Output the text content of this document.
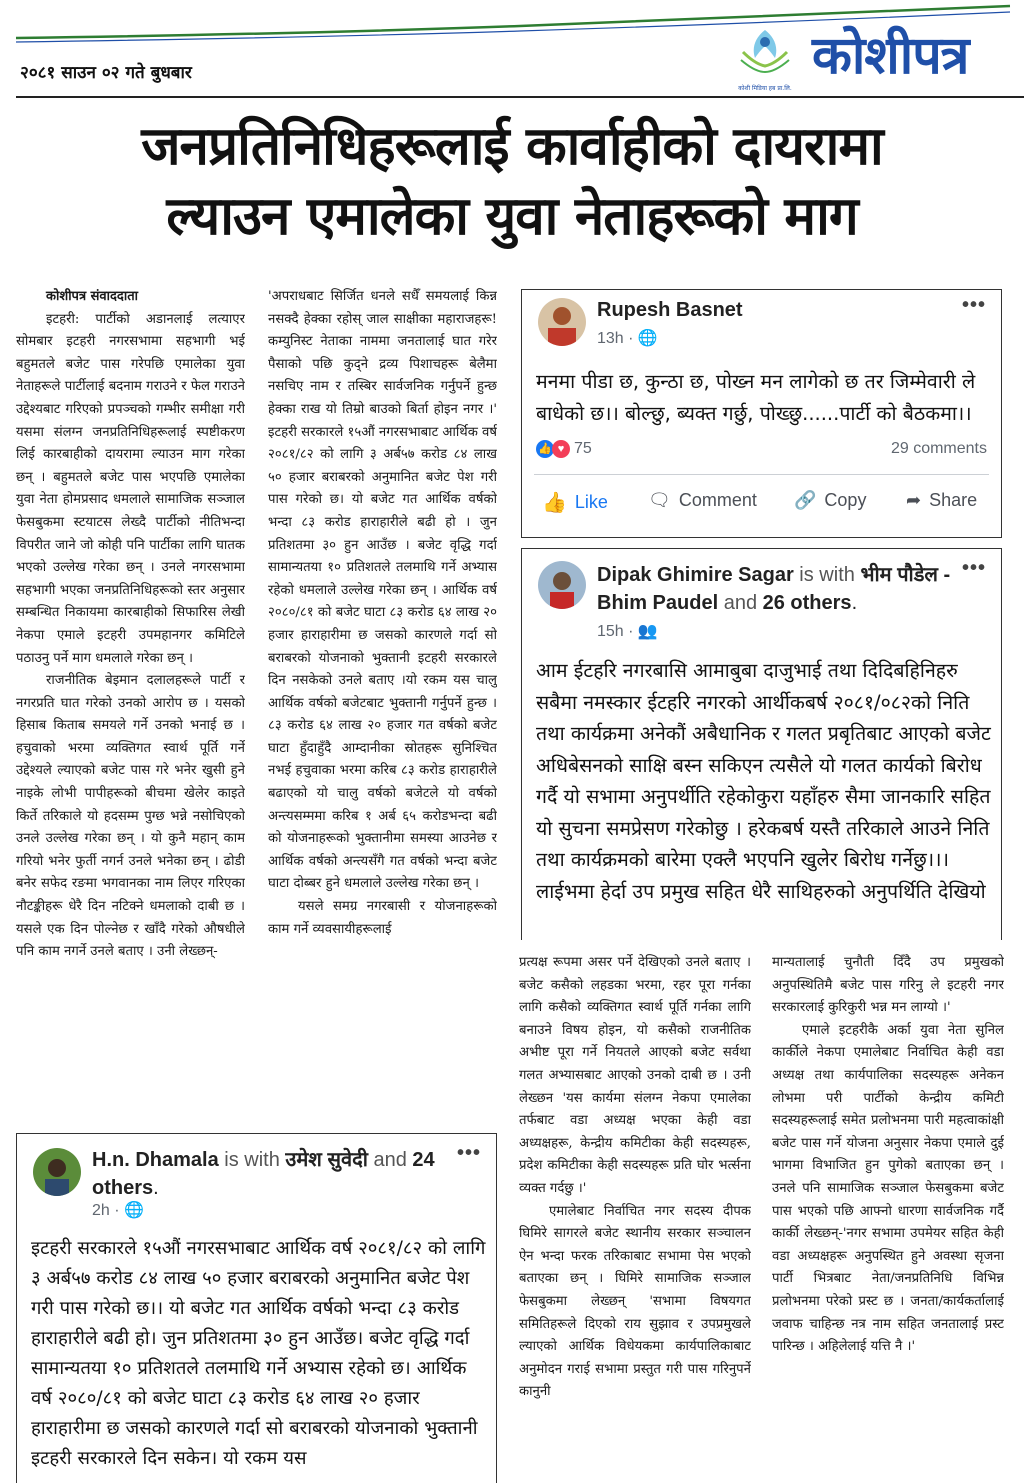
२०८१ साउन ०२ गते बुधबार
कोशी मिडिया हब प्रा.लि.
कोशीपत्र
जनप्रतिनिधिहरूलाई कार्वाहीको दायरामा
ल्याउन एमालेका युवा नेताहरूको माग

कोशीपत्र संवाददाता

इटहरी: पार्टीको अडानलाई लत्याएर सोमबार इटहरी नगरसभामा सहभागी भई बहुमतले बजेट पास गरेपछि एमालेका युवा नेताहरूले पार्टीलाई बदनाम गराउने र फेल गराउने उद्देश्यबाट गरिएको प्रपञ्चको गम्भीर समीक्षा गरी यसमा संलग्न जनप्रतिनिधिहरूलाई स्पष्टीकरण लिई कारबाहीको दायरामा ल्याउन माग गरेका छन् । बहुमतले बजेट पास भएपछि एमालेका युवा नेता होमप्रसाद धमलाले सामाजिक सञ्जाल फेसबुकमा स्टयाटस लेख्दै पार्टीको नीतिभन्दा विपरीत जाने जो कोही पनि पार्टीका लागि घातक भएको उल्लेख गरेका छन् । उनले नगरसभामा सहभागी भएका जनप्रतिनिधिहरूको स्तर अनुसार सम्बन्धित निकायमा कारबाहीको सिफारिस लेखी नेकपा एमाले इटहरी उपमहानगर कमिटिले पठाउनु पर्ने माग धमलाले गरेका छन् ।

राजनीतिक बेइमान दलालहरूले पार्टी र नगरप्रति घात गरेको उनको आरोप छ । यसको हिसाब किताब समयले गर्ने उनको भनाई छ । हचुवाको भरमा व्यक्तिगत स्वार्थ पूर्ति गर्ने उद्देश्यले ल्याएको बजेट पास गरे भनेर खुसी हुने नाइके लोभी पापीहरूको बीचमा खेलेर काइते किर्ते तरिकाले यो हदसम्म पुग्छ भन्ने नसोचिएको उनले उल्लेख गरेका छन् । यो कुनै महान् काम गरियो भनेर फुर्ती नगर्न उनले भनेका छन् । ढोडी बनेर सफेद रङमा भगवानका नाम लिएर गरिएका नौटङ्कीहरू धेरै दिन नटिक्ने धमलाको दाबी छ । यसले एक दिन पोल्नेछ र खाँदै गरेको औषधीले पनि काम नगर्ने उनले बताए । उनी लेख्छन्-

'अपराधबाट सिर्जित धनले सधैँ समयलाई किन्न नसक्दै हेक्का रहोस् जाल साक्षीका महाराजहरू! कम्युनिस्ट नेताका नाममा जनतालाई घात गरेर पैसाको पछि कुद्ने द्रव्य पिशाचहरू बेलैमा नसचिए नाम र तस्बिर सार्वजनिक गर्नुपर्ने हुन्छ हेक्का राख यो तिम्रो बाउको बिर्ता होइन नगर ।' इटहरी सरकारले १५औं नगरसभाबाट आर्थिक वर्ष २०८१/८२ को लागि ३ अर्ब५७ करोड ८४ लाख ५० हजार बराबरको अनुमानित बजेट पेश गरी पास गरेको छ। यो बजेट गत आर्थिक वर्षको भन्दा ८३ करोड हाराहारीले बढी हो । जुन प्रतिशतमा ३० हुन आउँछ । बजेट वृद्धि गर्दा सामान्यतया १० प्रतिशतले तलमाथि गर्ने अभ्यास रहेको धमलाले उल्लेख गरेका छन् । आर्थिक वर्ष २०८०/८१ को बजेट घाटा ८३ करोड ६४ लाख २० हजार हाराहारीमा छ जसको कारणले गर्दा सो बराबरको योजनाको भुक्तानी इटहरी सरकारले दिन नसकेको उनले बताए ।यो रकम यस चालु आर्थिक वर्षको बजेटबाट भुक्तानी गर्नुपर्ने हुन्छ । ८३ करोड ६४ लाख २० हजार गत वर्षको बजेट घाटा हुँदाहुँदै आम्दानीका स्रोतहरू सुनिश्चित नभई हचुवाका भरमा करिब ८३ करोड हाराहारीले बढाएको यो चालु वर्षको बजेटले यो वर्षको अन्त्यसम्ममा करिब १ अर्ब ६५ करोडभन्दा बढी को योजनाहरूको भुक्तानीमा समस्या आउनेछ र आर्थिक वर्षको अन्त्यसँगै गत वर्षको भन्दा बजेट घाटा दोब्बर हुने धमलाले उल्लेख गरेका छन् ।

यसले समग्र नगरबासी र योजनाहरूको काम गर्ने व्यवसायीहरूलाई

Rupesh Basnet
13h · 🌐
•••
मनमा पीडा छ, कुन्ठा छ, पोख्न मन लागेको छ तर जिम्मेवारी ले बाधेको छ।। बोल्छु, ब्यक्त गर्छु, पोख्छु......पार्टी को बैठकमा।।
👍 ♥ 75	29 comments
👍 Like 🗨 Comment 🔗 Copy ➦ Share
Dipak Ghimire Sagar is with भीम पौडेल - Bhim Paudel and 26 others.
15h · 👥
•••
आम ईटहरि नगरबासि आमाबुबा दाजुभाई तथा दिदिबहिनिहरु सबैमा नमस्कार ईटहरि नगरको आर्थीकबर्ष २०८१/०८२को निति तथा कार्यक्रमा अनेकौं अबैधानिक र गलत प्रबृतिबाट आएको बजेट अधिबेसनको साक्षि बस्न सकिएन त्यसैले यो गलत कार्यको बिरोध गर्दै यो सभामा अनुपर्थीति रहेकोकुरा यहाँहरु सैमा जानकारि सहित यो सुचना समप्रेसण गरेकोछु । हरेकबर्ष यस्तै तरिकाले आउने निति तथा कार्यक्रमको बारेमा एक्लै भएपनि खुलेर बिरोध गर्नेछु।।। लाईभमा हेर्दा उप प्रमुख सहित धेरै साथिहरुको अनुपर्थिति देखियो

प्रत्यक्ष रूपमा असर पर्ने देखिएको उनले बताए । बजेट कसैको लहडका भरमा, रहर पूरा गर्नका लागि कसैको व्यक्तिगत स्वार्थ पूर्ति गर्नका लागि बनाउने विषय होइन, यो कसैको राजनीतिक अभीष्ट पूरा गर्ने नियतले आएको बजेट सर्वथा गलत अभ्यासबाट आएको उनको दाबी छ । उनी लेख्छन 'यस कार्यमा संलग्न नेकपा एमालेका तर्फबाट वडा अध्यक्ष भएका केही वडा अध्यक्षहरू, केन्द्रीय कमिटीका केही सदस्यहरू, प्रदेश कमिटीका केही सदस्यहरू प्रति घोर भर्त्सना व्यक्त गर्दछु ।'

एमालेबाट निर्वाचित नगर सदस्य दीपक घिमिरे सागरले बजेट स्थानीय सरकार सञ्चालन ऐन भन्दा फरक तरिकाबाट सभामा पेस भएको बताएका छन् । घिमिरे सामाजिक सञ्जाल फेसबुकमा लेख्छन् 'सभामा विषयगत समितिहरूले दिएको राय सुझाव र उपप्रमुखले ल्याएको आर्थिक विधेयकमा कार्यपालिकाबाट अनुमोदन गराई सभामा प्रस्तुत गरी पास गरिनुपर्ने कानुनी

मान्यतालाई चुनौती दिँदै उप प्रमुखको अनुपस्थितिमै बजेट पास गरिनु ले इटहरी नगर सरकारलाई कुरिकुरी भन्न मन लाग्यो ।'

एमाले इटहरीकै अर्का युवा नेता सुनिल कार्कीले नेकपा एमालेबाट निर्वाचित केही वडा अध्यक्ष तथा कार्यपालिका सदस्यहरू अनेकन लोभमा परी पार्टीको केन्द्रीय कमिटी सदस्यहरूलाई समेत प्रलोभनमा पारी महत्वाकांक्षी बजेट पास गर्ने योजना अनुसार नेकपा एमाले दुई भागमा विभाजित हुन पुगेको बताएका छन् । उनले पनि सामाजिक सञ्जाल फेसबुकमा बजेट पास भएको पछि आफ्नो धारणा सार्वजनिक गर्दै कार्की लेख्छन्-'नगर सभामा उपमेयर सहित केही वडा अध्यक्षहरू अनुपस्थित हुने अवस्था सृजना पार्टी भित्रबाट नेता/जनप्रतिनिधि विभिन्न प्रलोभनमा परेको प्रस्ट छ । जनता/कार्यकर्तालाई जवाफ चाहिन्छ नत्र नाम सहित जनतालाई प्रस्ट पारिन्छ । अहिलेलाई यत्ति नै ।'

H.n. Dhamala is with उमेश सुवेदी and 24 others.
2h · 🌐
•••
इटहरी सरकारले १५औं नगरसभाबाट आर्थिक वर्ष २०८१/८२ को लागि ३ अर्ब५७ करोड ८४ लाख ५० हजार बराबरको अनुमानित बजेट पेश गरी पास गरेको छ।। यो बजेट गत आर्थिक वर्षको भन्दा ८३ करोड हाराहारीले बढी हो। जुन प्रतिशतमा ३० हुन आउँछ। बजेट वृद्धि गर्दा सामान्यतया १० प्रतिशतले तलमाथि गर्ने अभ्यास रहेको छ। आर्थिक वर्ष २०८०/८१ को बजेट घाटा ८३ करोड ६४ लाख २० हजार हाराहारीमा छ जसको कारणले गर्दा सो बराबरको योजनाको भुक्तानी इटहरी सरकारले दिन सकेन। यो रकम यस
